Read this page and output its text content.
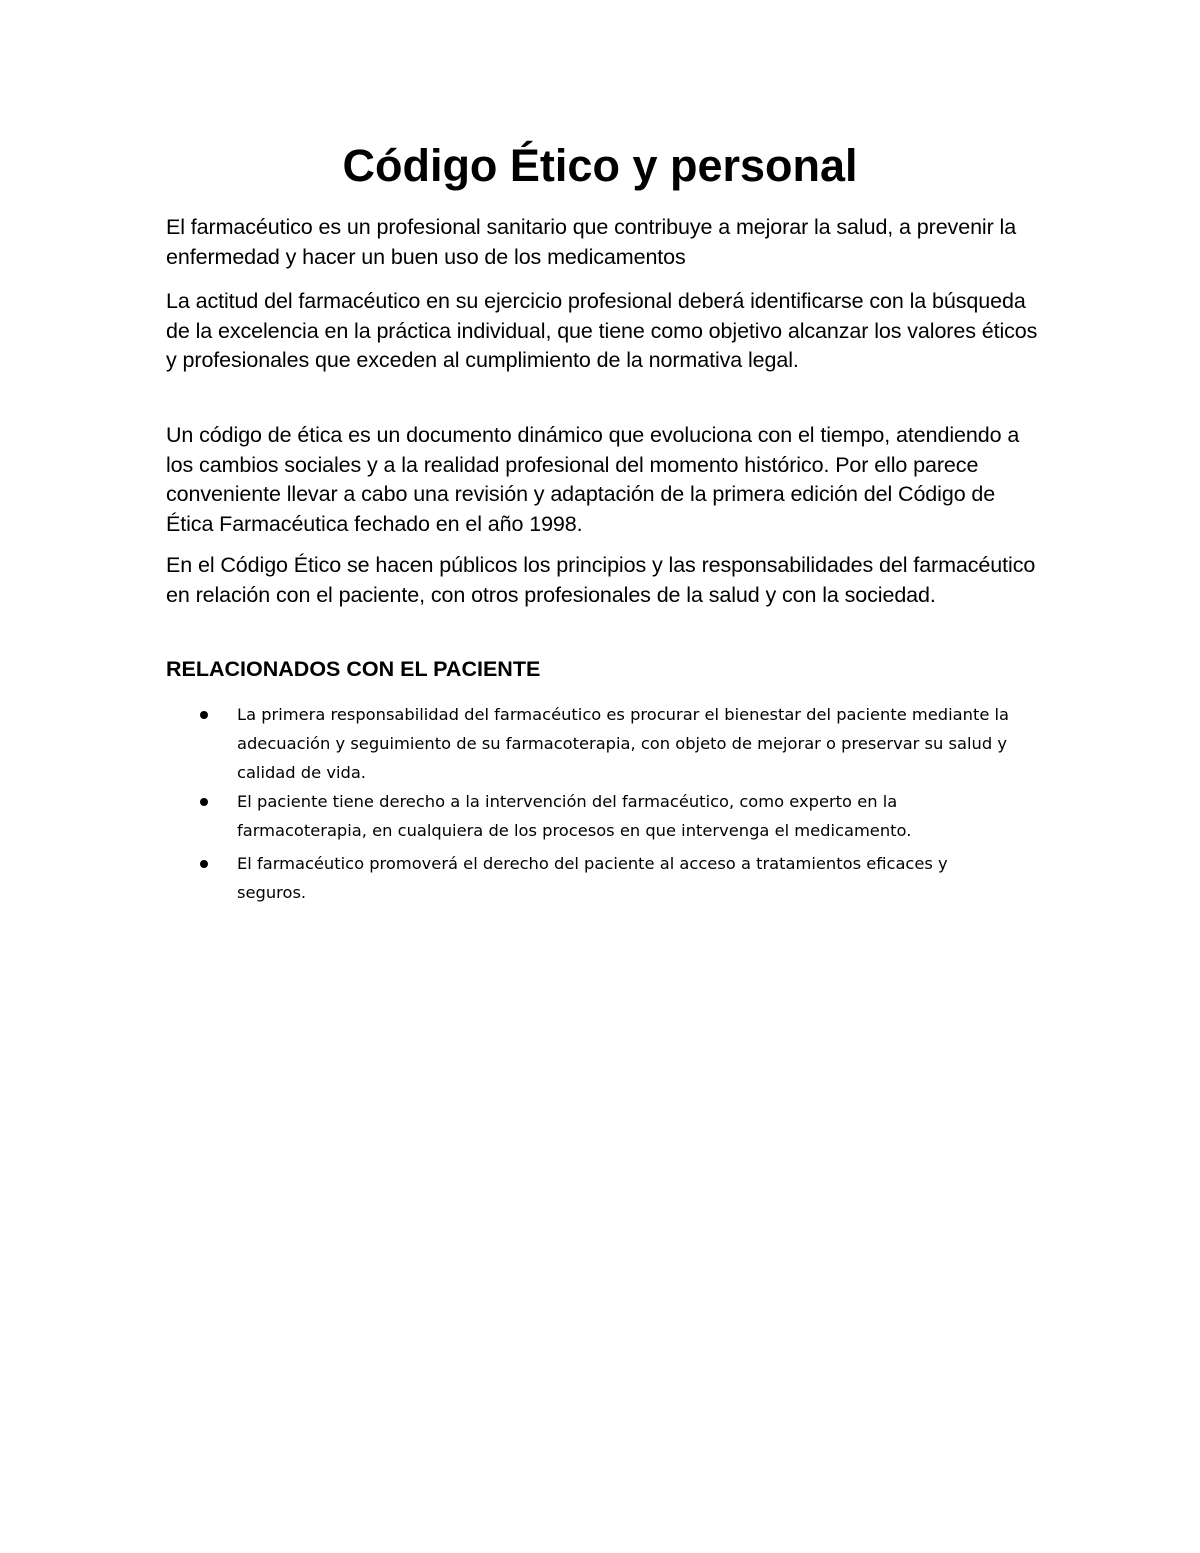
Código Ético y personal

El farmacéutico es un profesional sanitario que contribuye a mejorar la salud, a prevenir la enfermedad y hacer un buen uso de los medicamentos

La actitud del farmacéutico en su ejercicio profesional deberá identificarse con la búsqueda de la excelencia en la práctica individual, que tiene como objetivo alcanzar los valores éticos y profesionales que exceden al cumplimiento de la normativa legal.

Un código de ética es un documento dinámico que evoluciona con el tiempo, atendiendo a los cambios sociales y a la realidad profesional del momento histórico. Por ello parece conveniente llevar a cabo una revisión y adaptación de la primera edición del Código de Ética Farmacéutica fechado en el año 1998.

En el Código Ético se hacen públicos los principios y las responsabilidades del farmacéutico en relación con el paciente, con otros profesionales de la salud y con la sociedad.

RELACIONADOS CON EL PACIENTE
La primera responsabilidad del farmacéutico es procurar el bienestar del paciente mediante la adecuación y seguimiento de su farmacoterapia, con objeto de mejorar o preservar su salud y calidad de vida.
El paciente tiene derecho a la intervención del farmacéutico, como experto en la farmacoterapia, en cualquiera de los procesos en que intervenga el medicamento.
El farmacéutico promoverá el derecho del paciente al acceso a tratamientos eficaces y seguros.
